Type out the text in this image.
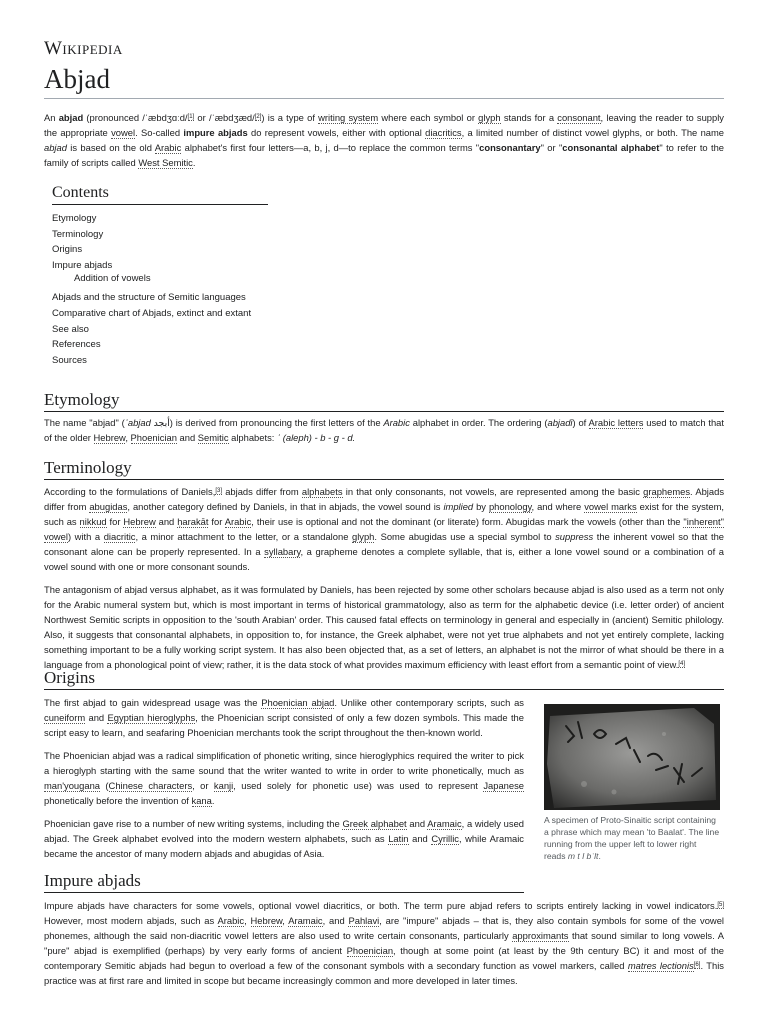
Wikipedia
Abjad

An abjad (pronounced /ˈæbdʒɑːd/[1] or /ˈæbdʒæd/[2]) is a type of writing system where each symbol or glyph stands for a consonant, leaving the reader to supply the appropriate vowel. So-called impure abjads do represent vowels, either with optional diacritics, a limited number of distinct vowel glyphs, or both. The name abjad is based on the old Arabic alphabet's first four letters—a, b, j, d—to replace the common terms "consonantary" or "consonantal alphabet" to refer to the family of scripts called West Semitic.

Contents
Etymology
Terminology
Origins
Impure abjads
Addition of vowels
Abjads and the structure of Semitic languages
Comparative chart of Abjads, extinct and extant
See also
References
Sources
Etymology

The name "abjad" (ʾabjad أبجد) is derived from pronouncing the first letters of the Arabic alphabet in order. The ordering (abjadī) of Arabic letters used to match that of the older Hebrew, Phoenician and Semitic alphabets: ʾ (aleph) - b - g - d.

Terminology

According to the formulations of Daniels,[3] abjads differ from alphabets in that only consonants, not vowels, are represented among the basic graphemes. Abjads differ from abugidas, another category defined by Daniels, in that in abjads, the vowel sound is implied by phonology, and where vowel marks exist for the system, such as nikkud for Hebrew and ḥarakāt for Arabic, their use is optional and not the dominant (or literate) form. Abugidas mark the vowels (other than the "inherent" vowel) with a diacritic, a minor attachment to the letter, or a standalone glyph. Some abugidas use a special symbol to suppress the inherent vowel so that the consonant alone can be properly represented. In a syllabary, a grapheme denotes a complete syllable, that is, either a lone vowel sound or a combination of a vowel sound with one or more consonant sounds.

The antagonism of abjad versus alphabet, as it was formulated by Daniels, has been rejected by some other scholars because abjad is also used as a term not only for the Arabic numeral system but, which is most important in terms of historical grammatology, also as term for the alphabetic device (i.e. letter order) of ancient Northwest Semitic scripts in opposition to the 'south Arabian' order. This caused fatal effects on terminology in general and especially in (ancient) Semitic philology. Also, it suggests that consonantal alphabets, in opposition to, for instance, the Greek alphabet, were not yet true alphabets and not yet entirely complete, lacking something important to be a fully working script system. It has also been objected that, as a set of letters, an alphabet is not the mirror of what should be there in a language from a phonological point of view; rather, it is the data stock of what provides maximum efficiency with least effort from a semantic point of view.[4]

Origins

The first abjad to gain widespread usage was the Phoenician abjad. Unlike other contemporary scripts, such as cuneiform and Egyptian hieroglyphs, the Phoenician script consisted of only a few dozen symbols. This made the script easy to learn, and seafaring Phoenician merchants took the script throughout the then-known world.

The Phoenician abjad was a radical simplification of phonetic writing, since hieroglyphics required the writer to pick a hieroglyph starting with the same sound that the writer wanted to write in order to write phonetically, much as man'yougana (Chinese characters, or kanji, used solely for phonetic use) was used to represent Japanese phonetically before the invention of kana.

Phoenician gave rise to a number of new writing systems, including the Greek alphabet and Aramaic, a widely used abjad. The Greek alphabet evolved into the modern western alphabets, such as Latin and Cyrillic, while Aramaic became the ancestor of many modern abjads and abugidas of Asia.

A specimen of Proto-Sinaitic script containing a phrase which may mean 'to Baalat'. The line running from the upper left to lower right reads m t l bʿlt.
Impure abjads

Impure abjads have characters for some vowels, optional vowel diacritics, or both. The term pure abjad refers to scripts entirely lacking in vowel indicators.[5] However, most modern abjads, such as Arabic, Hebrew, Aramaic, and Pahlavi, are "impure" abjads – that is, they also contain symbols for some of the vowel phonemes, although the said non-diacritic vowel letters are also used to write certain consonants, particularly approximants that sound similar to long vowels. A "pure" abjad is exemplified (perhaps) by very early forms of ancient Phoenician, though at some point (at least by the 9th century BC) it and most of the contemporary Semitic abjads had begun to overload a few of the consonant symbols with a secondary function as vowel markers, called matres lectionis[6]. This practice was at first rare and limited in scope but became increasingly common and more developed in later times.
